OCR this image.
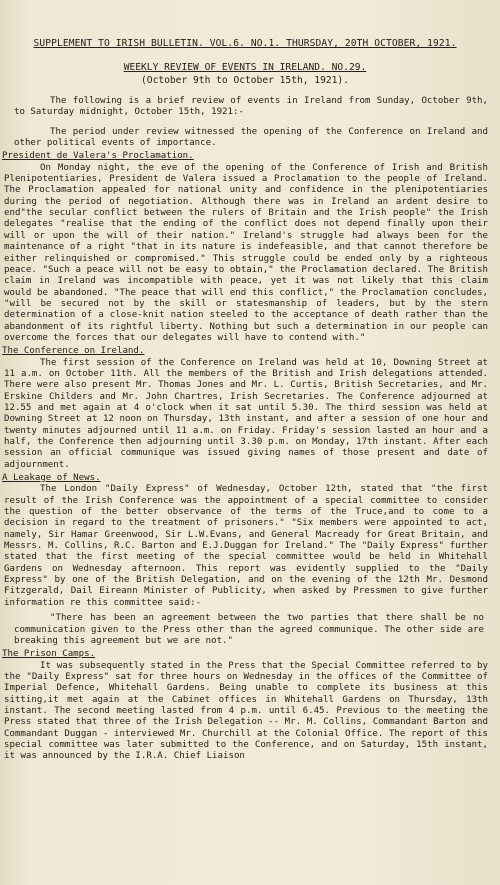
SUPPLEMENT TO IRISH BULLETIN. VOL.6. NO.1. THURSDAY, 20TH OCTOBER, 1921.
WEEKLY REVIEW OF EVENTS IN IRELAND. NO.29.
(October 9th to October 15th, 1921).

The following is a brief review of events in Ireland from Sunday, October 9th, to Saturday midnight, October 15th, 1921:-

The period under review witnessed the opening of the Conference on Ireland and other political events of importance.

President de Valera's Proclamation.

On Monday night, the eve of the opening of the Conference of Irish and British Plenipotentiaries, President de Valera issued a Proclamation to the people of Ireland. The Proclamation appealed for national unity and confidence in the plenipotentiaries during the period of negotiation. Although there was in Ireland an ardent desire to end"the secular conflict between the rulers of Britain and the Irish people" the Irish delegates "realise that the ending of the conflict does not depend finally upon their will or upon the will of their nation." Ireland's struggle had always been for the maintenance of a right "that in its nature is indefeasible, and that cannot therefore be either relinquished or compromised." This struggle could be ended only by a righteous peace. "Such a peace will not be easy to obtain," the Proclamation declared. The British claim in Ireland was incompatible with peace, yet it was not likely that this claim would be abandoned. "The peace that will end this conflict," the Proclamation concludes, "will be secured not by the skill or statesmanship of leaders, but by the stern determination of a close-knit nation steeled to the acceptance of death rather than the abandonment of its rightful liberty. Nothing but such a determination in our people can overcome the forces that our delegates will have to contend with."

The Conference on Ireland.

The first session of the Conference on Ireland was held at 10, Downing Street at 11 a.m. on October 11th. All the members of the British and Irish delegations attended. There were also present Mr. Thomas Jones and Mr. L. Curtis, British Secretaries, and Mr. Erskine Childers and Mr. John Chartres, Irish Secretaries. The Conference adjourned at 12.55 and met again at 4 o'clock when it sat until 5.30. The third session was held at Downing Street at 12 noon on Thursday, 13th instant, and after a session of one hour and twenty minutes adjourned until 11 a.m. on Friday. Friday's session lasted an hour and a half, the Conference then adjourning until 3.30 p.m. on Monday, 17th instant. After each session an official communique was issued giving names of those present and date of adjournment.

A Leakage of News.

The London "Daily Express" of Wednesday, October 12th, stated that "the first result of the Irish Conference was the appointment of a special committee to consider the question of the better observance of the terms of the Truce,and to come to a decision in regard to the treatment of prisoners." "Six members were appointed to act, namely, Sir Hamar Greenwood, Sir L.W.Evans, and General Macready for Great Britain, and Messrs. M. Collins, R.C. Barton and E.J.Duggan for Ireland." The "Daily Express" further stated that the first meeting of the special committee would be held in Whitehall Gardens on Wednesday afternoon. This report was evidently supplied to the "Daily Express" by one of the British Delegation, and on the evening of the 12th Mr. Desmond Fitzgerald, Dail Eireann Minister of Publicity, when asked by Pressmen to give further information re this committee said:-

"There has been an agreement between the two parties that there shall be no communication given to the Press other than the agreed communique. The other side are breaking this agreement but we are not."

The Prison Camps.

It was subsequently stated in the Press that the Special Committee referred to by the "Daily Express" sat for three hours on Wednesday in the offices of the Committee of Imperial Defence, Whitehall Gardens. Being unable to complete its business at this sitting,it met again at the Cabinet offices in Whitehall Gardens on Thursday, 13th instant. The second meeting lasted from 4 p.m. until 6.45. Previous to the meeting the Press stated that three of the Irish Delegation -- Mr. M. Collins, Commandant Barton and Commandant Duggan - interviewed Mr. Churchill at the Colonial Office. The report of this special committee was later submitted to the Conference, and on Saturday, 15th instant, it was announced by the I.R.A. Chief Liaison
